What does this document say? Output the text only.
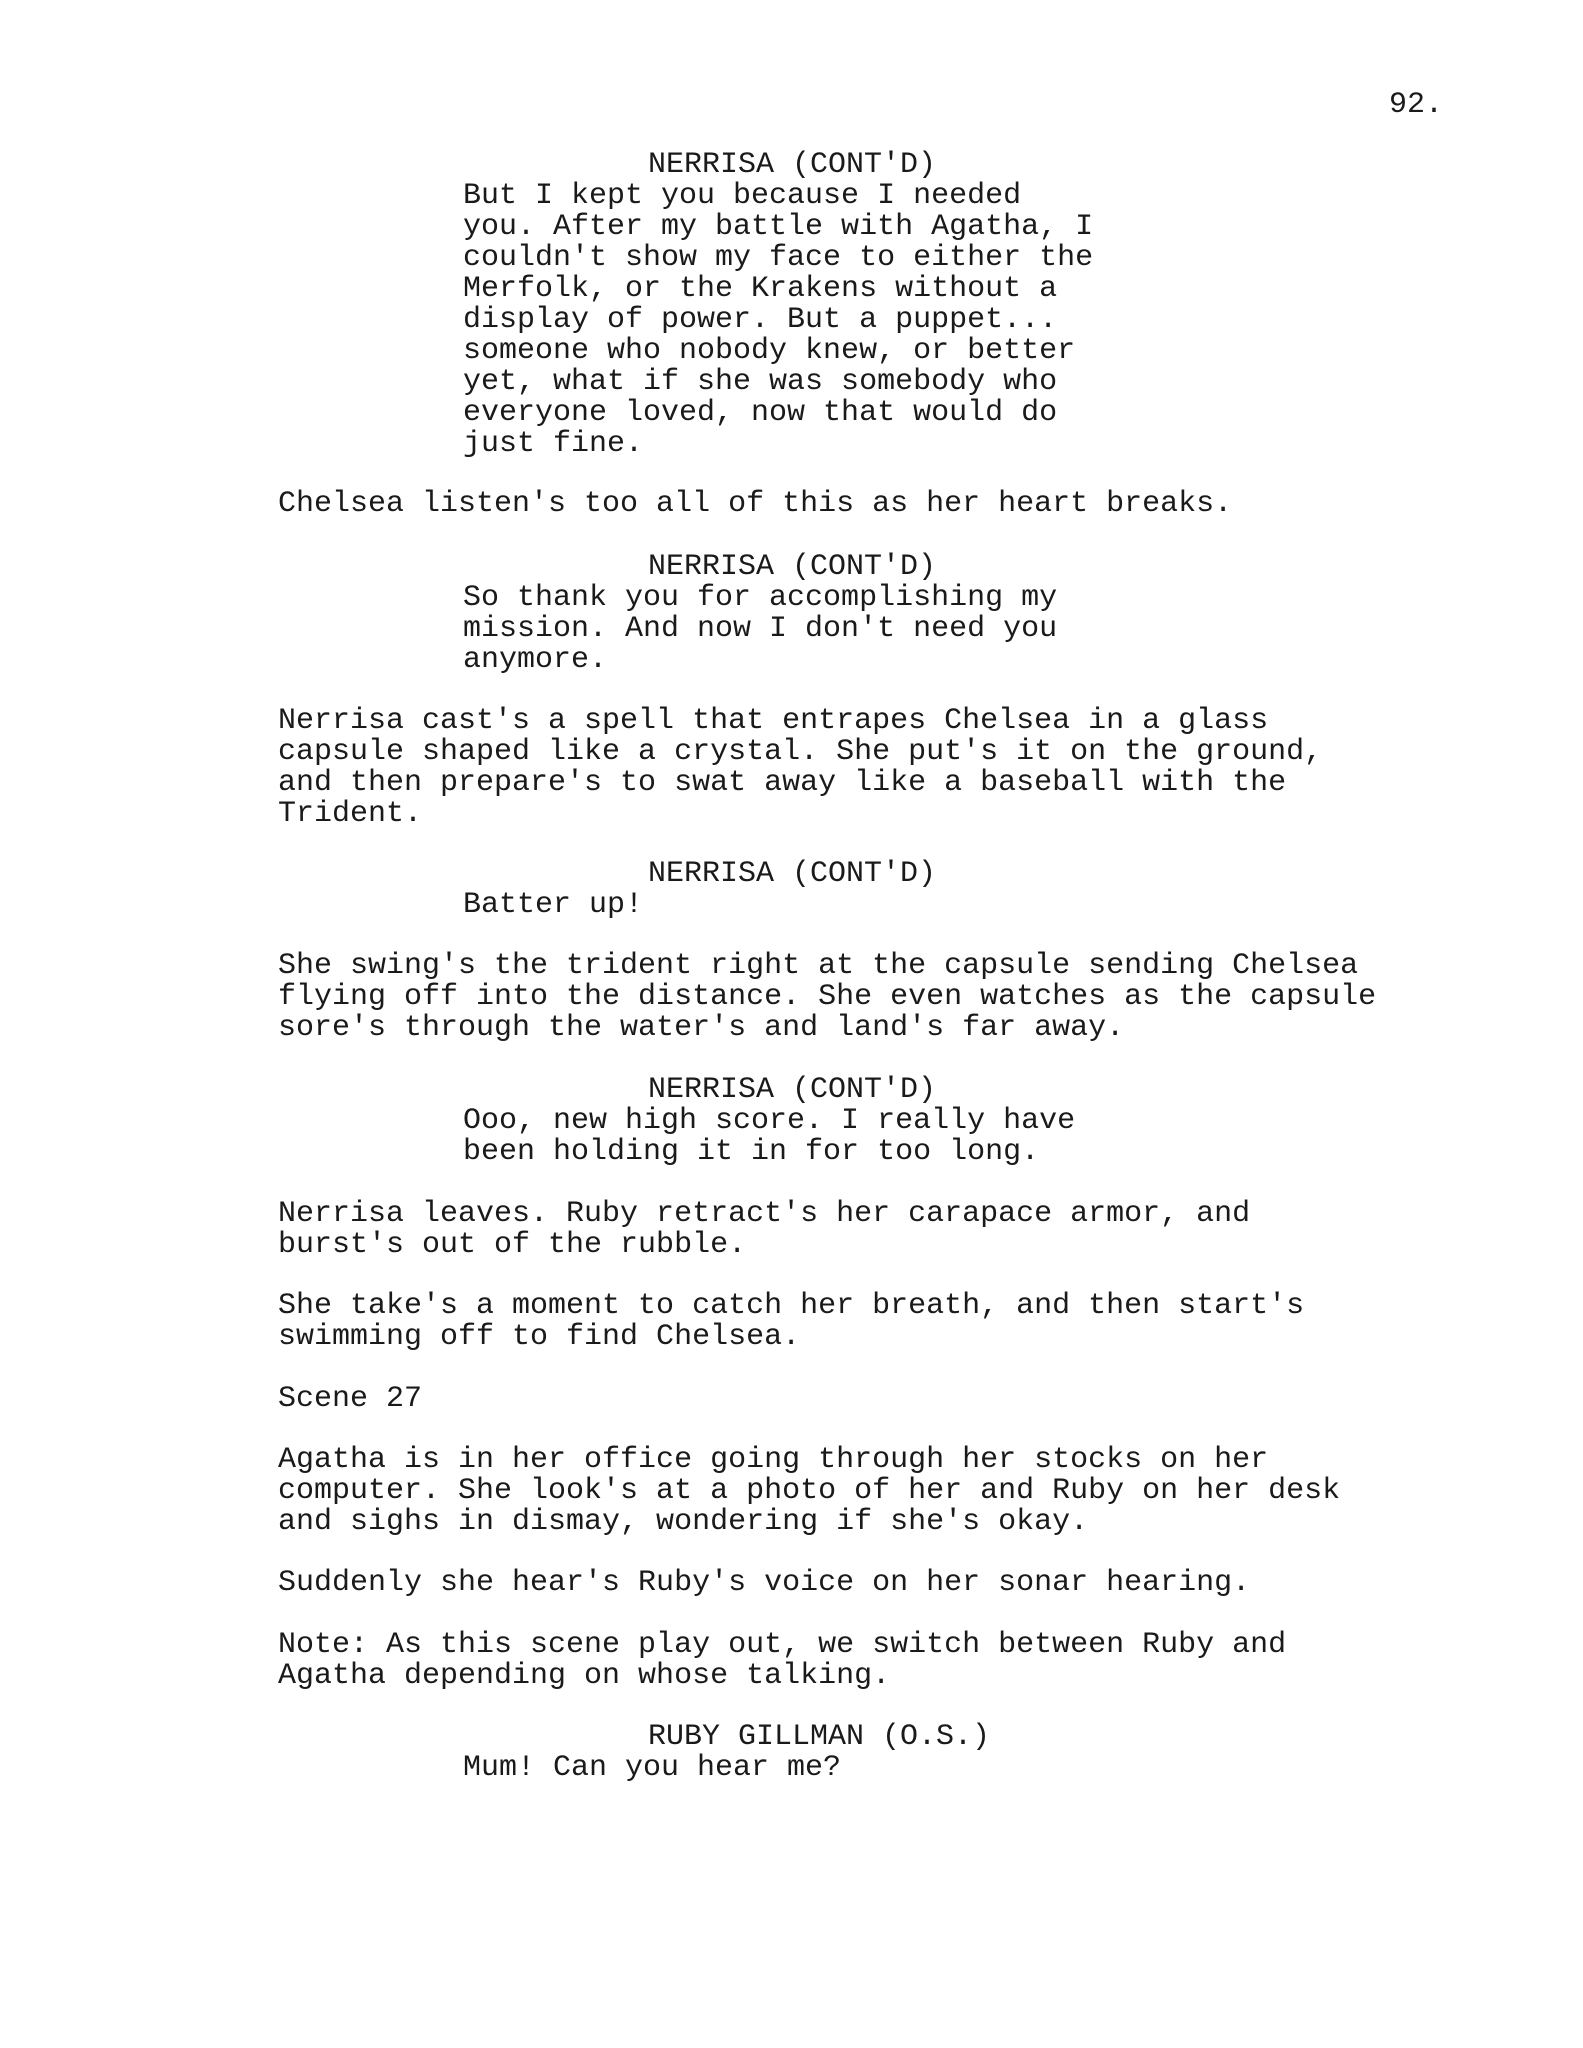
92.
NERRISA (CONT'D)
But I kept you because I needed
you. After my battle with Agatha, I
couldn't show my face to either the
Merfolk, or the Krakens without a
display of power. But a puppet...
someone who nobody knew, or better
yet, what if she was somebody who
everyone loved, now that would do
just fine.
Chelsea listen's too all of this as her heart breaks.
NERRISA (CONT'D)
So thank you for accomplishing my
mission. And now I don't need you
anymore.
Nerrisa cast's a spell that entrapes Chelsea in a glass
capsule shaped like a crystal. She put's it on the ground,
and then prepare's to swat away like a baseball with the
Trident.
NERRISA (CONT'D)
Batter up!
She swing's the trident right at the capsule sending Chelsea
flying off into the distance. She even watches as the capsule
sore's through the water's and land's far away.
NERRISA (CONT'D)
Ooo, new high score. I really have
been holding it in for too long.
Nerrisa leaves. Ruby retract's her carapace armor, and
burst's out of the rubble.
She take's a moment to catch her breath, and then start's
swimming off to find Chelsea.
Scene 27
Agatha is in her office going through her stocks on her
computer. She look's at a photo of her and Ruby on her desk
and sighs in dismay, wondering if she's okay.
Suddenly she hear's Ruby's voice on her sonar hearing.
Note: As this scene play out, we switch between Ruby and
Agatha depending on whose talking.
RUBY GILLMAN (O.S.)
Mum! Can you hear me?
